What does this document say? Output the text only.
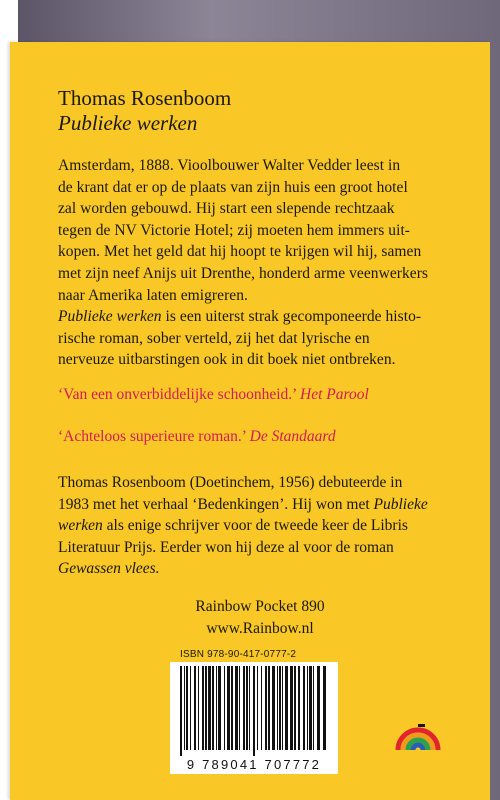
Thomas Rosenboom
Publieke werken

Amsterdam, 1888. Vioolbouwer Walter Vedder leest in

de krant dat er op de plaats van zijn huis een groot hotel

zal worden gebouwd. Hij start een slepende rechtzaak

tegen de NV Victorie Hotel; zij moeten hem immers uit-

kopen. Met het geld dat hij hoopt te krijgen wil hij, samen

met zijn neef Anijs uit Drenthe, honderd arme veenwerkers

naar Amerika laten emigreren.

Publieke werken is een uiterst strak gecomponeerde histo-

rische roman, sober verteld, zij het dat lyrische en

nerveuze uitbarstingen ook in dit boek niet ontbreken.

‘Van een onverbiddelijke schoonheid.’ Het Parool
‘Achteloos superieure roman.’ De Standaard

Thomas Rosenboom (Doetinchem, 1956) debuteerde in

1983 met het verhaal ‘Bedenkingen’. Hij won met Publieke

werken als enige schrijver voor de tweede keer de Libris

Literatuur Prijs. Eerder won hij deze al voor de roman

Gewassen vlees.

Rainbow Pocket 890
www.Rainbow.nl
ISBN 978-90-417-0777-2
9 789041 707772
